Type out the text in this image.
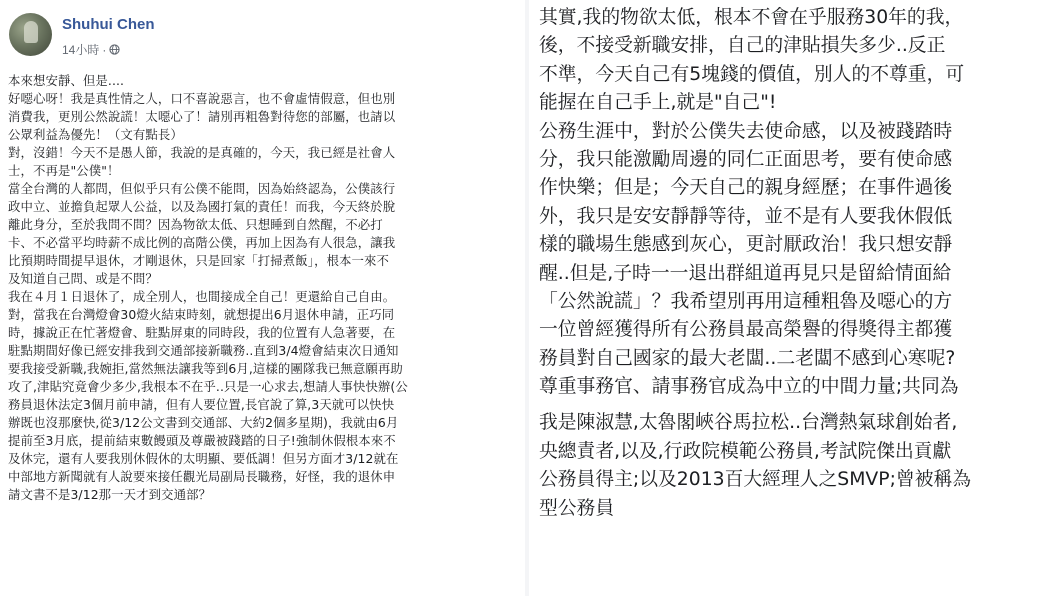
Shuhui Chen
14小時 ·
本來想安靜、但是....
好噁心呀！我是真性情之人，口不喜說惡言，也不會虛情假意，但也別
消費我，更別公然說謊！太噁心了！請別再粗魯對待您的部屬，也請以
公眾利益為優先！（文有點長）
對，沒錯！今天不是愚人節，我說的是真確的，今天，我已經是社會人
士，不再是"公僕"！
當全台灣的人都問，但似乎只有公僕不能問，因為始終認為，公僕該行
政中立、並擔負起眾人公益，以及為國打氣的責任！而我，今天終於脫
離此身分，至於我問不問？因為物欲太低、只想睡到自然醒，不必打
卡、不必當平均時薪不成比例的高階公僕，再加上因為有人很急，讓我
比預期時間提早退休，才剛退休，只是回家「打掃煮飯」，根本一來不
及知道自己問、或是不問？
我在４月１日退休了，成全別人，也間接成全自己！更還給自己自由。
對，當我在台灣燈會30燈火結束時刻，就想提出6月退休申請，正巧同
時，據說正在忙著燈會、駐點屏東的同時段，我的位置有人急著要，在
駐點期間好像已經安排我到交通部接新職務..直到3/4燈會結束次日通知
要我接受新職,我婉拒,當然無法讓我等到6月,這樣的團隊我已無意願再助
攻了,津貼究竟會少多少,我根本不在乎..只是一心求去,想請人事快快辦(公
務員退休法定3個月前申請，但有人要位置,長官說了算,3天就可以快快
辦既也沒那麼快,從3/12公文書到交通部、大約2個多星期)，我就由6月
提前至3月底，提前結束數饅頭及尊嚴被踐踏的日子!強制休假根本來不
及休完，還有人要我別休假休的太明顯、要低調！但另方面才3/12就在
中部地方新聞就有人說要來接任觀光局副局長職務，好怪，我的退休申
請文書不是3/12那一天才到交通部？
其實,我的物欲太低，根本不會在乎服務30年的我，
後，不接受新職安排，自己的津貼損失多少..反正
不準，今天自己有5塊錢的價值，別人的不尊重，可
能握在自己手上,就是"自己"!
公務生涯中，對於公僕失去使命感，以及被踐踏時
分，我只能激勵周邊的同仁正面思考，要有使命感
作快樂；但是；今天自己的親身經歷；在事件過後
外，我只是安安靜靜等待，並不是有人要我休假低
樣的職場生態感到灰心，更討厭政治！我只想安靜
醒..但是,子時一一退出群組道再見只是留給情面給
「公然說謊」？我希望別再用這種粗魯及噁心的方
一位曾經獲得所有公務員最高榮譽的得獎得主都獲
務員對自己國家的最大老闆..二老闆不感到心寒呢?
尊重事務官、請事務官成為中立的中間力量;共同為
我是陳淑慧,太魯閣峽谷馬拉松..台灣熱氣球創始者,
央總責者,以及,行政院模範公務員,考試院傑出貢獻
公務員得主;以及2013百大經理人之SMVP;曾被稱為
型公務員
